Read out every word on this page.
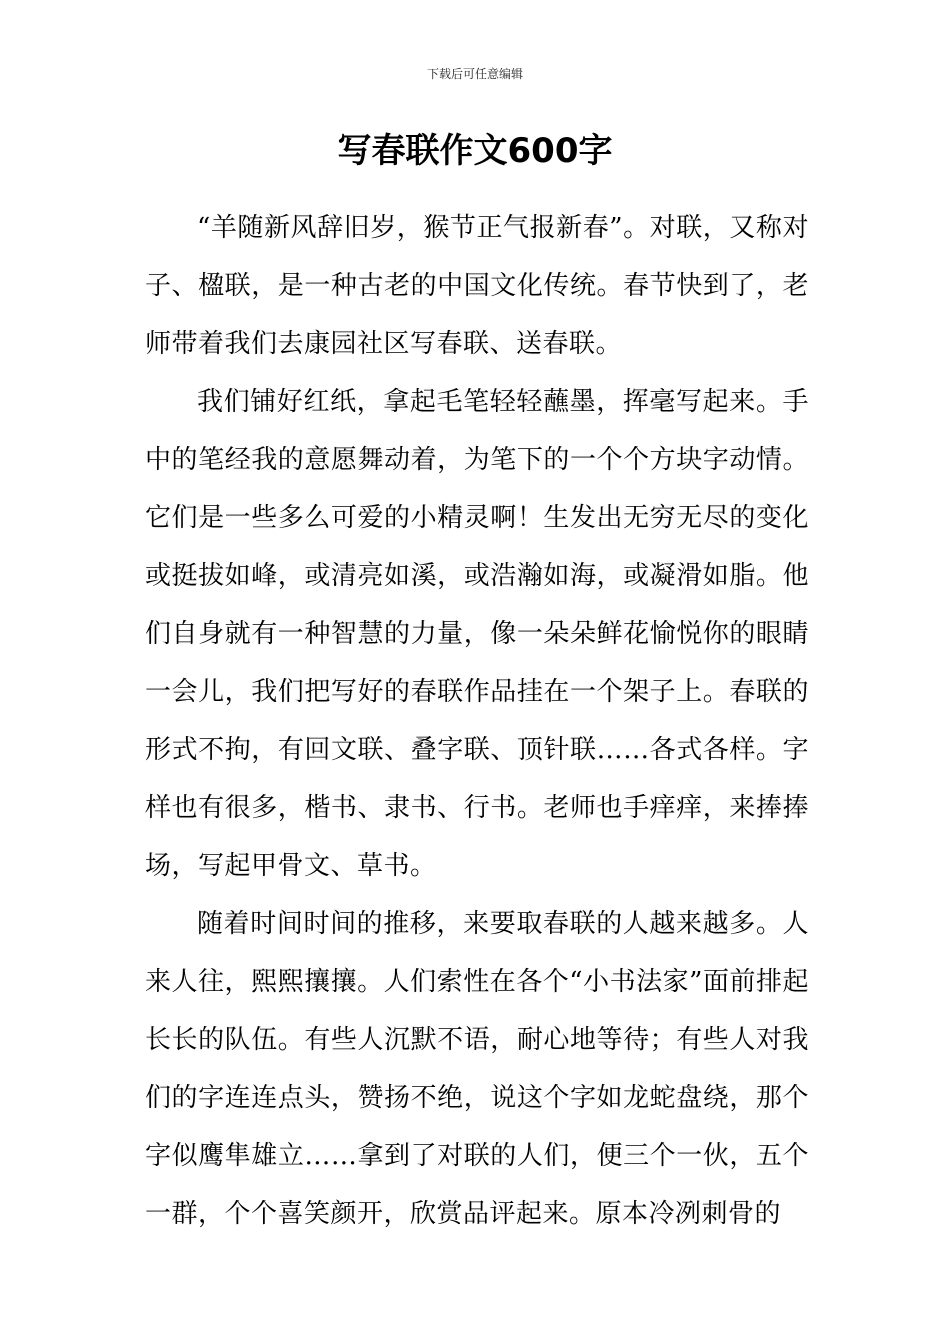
下载后可任意编辑
写春联作文600字

“羊随新风辞旧岁，猴节正气报新春”。对联，又称对子、楹联，是一种古老的中国文化传统。春节快到了，老师带着我们去康园社区写春联、送春联。

我们铺好红纸，拿起毛笔轻轻蘸墨，挥毫写起来。手中的笔经我的意愿舞动着，为笔下的一个个方块字动情。它们是一些多么可爱的小精灵啊！生发出无穷无尽的变化或挺拔如峰，或清亮如溪，或浩瀚如海，或凝滑如脂。他们自身就有一种智慧的力量，像一朵朵鲜花愉悦你的眼睛一会儿，我们把写好的春联作品挂在一个架子上。春联的形式不拘，有回文联、叠字联、顶针联……各式各样。字样也有很多，楷书、隶书、行书。老师也手痒痒，来捧捧场，写起甲骨文、草书。

随着时间时间的推移，来要取春联的人越来越多。人来人往，熙熙攘攘。人们索性在各个“小书法家”面前排起长长的队伍。有些人沉默不语，耐心地等待；有些人对我们的字连连点头，赞扬不绝，说这个字如龙蛇盘绕，那个字似鹰隼雄立……拿到了对联的人们，便三个一伙，五个一群，个个喜笑颜开，欣赏品评起来。原本冷冽刺骨的
